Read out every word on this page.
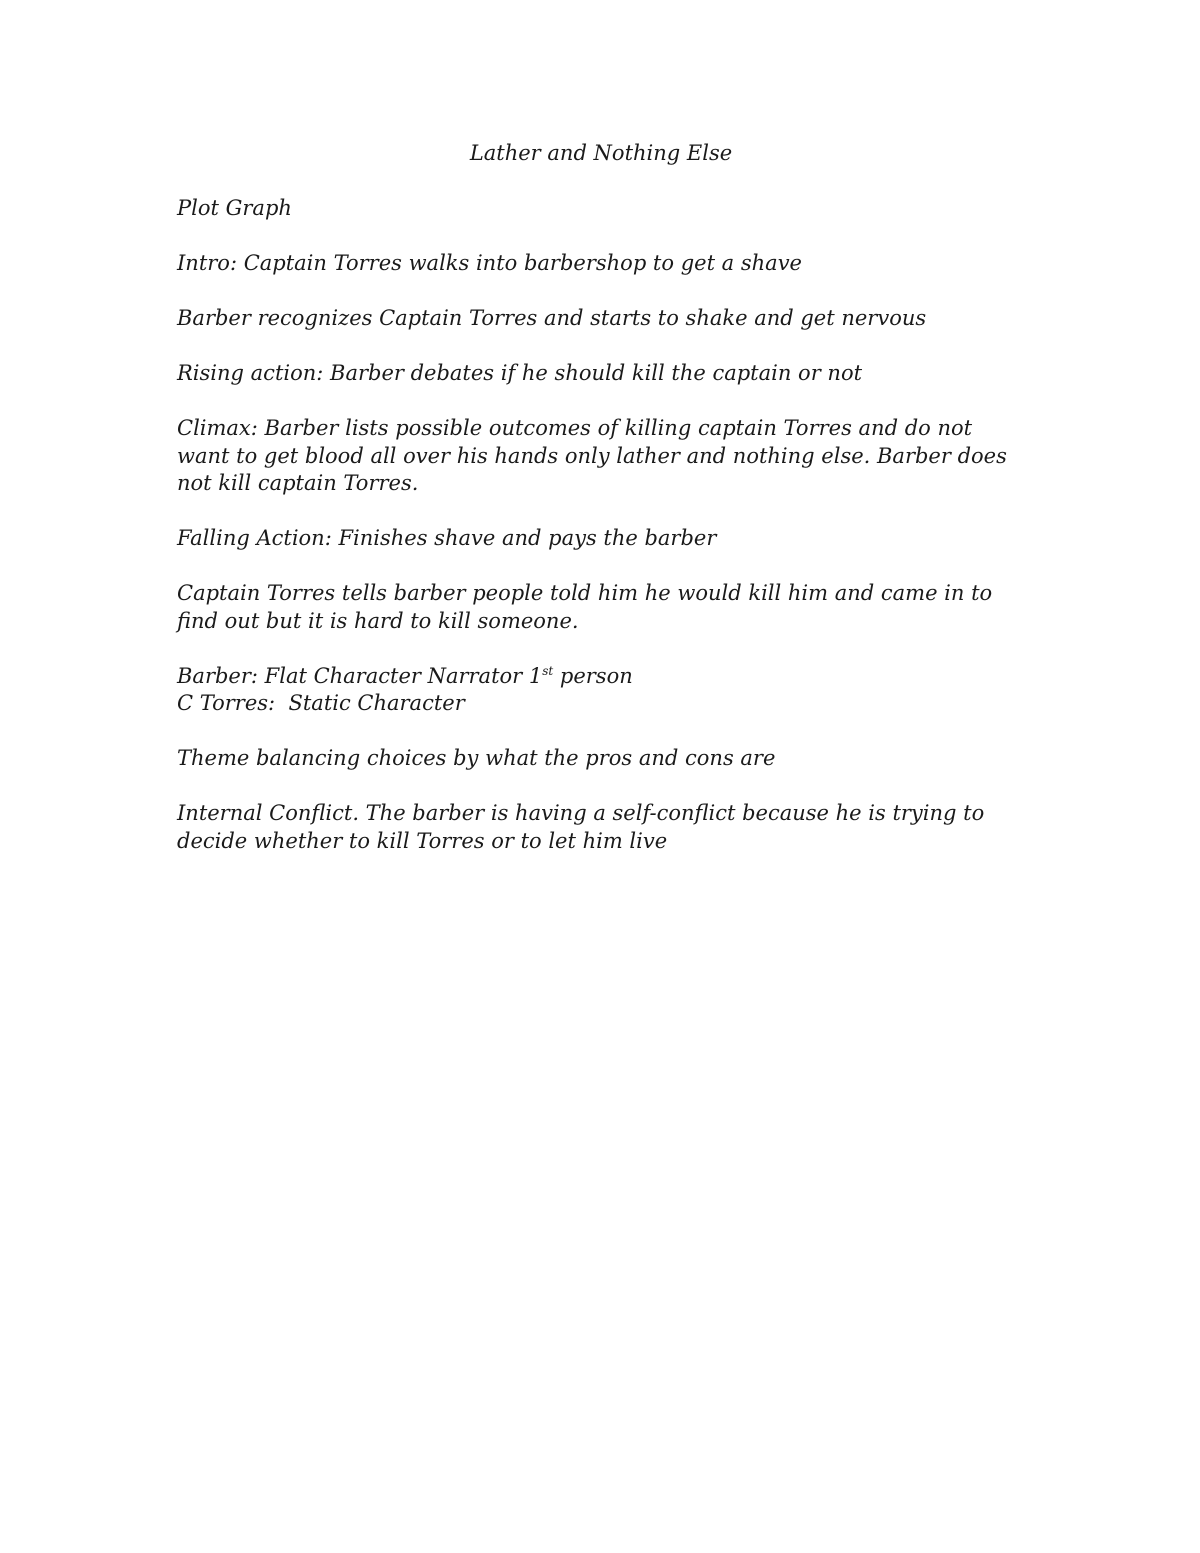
Lather and Nothing Else

Plot Graph

Intro: Captain Torres walks into barbershop to get a shave

Barber recognizes Captain Torres and starts to shake and get nervous

Rising action: Barber debates if he should kill the captain or not

Climax: Barber lists possible outcomes of killing captain Torres and do not want to get blood all over his hands only lather and nothing else. Barber does not kill captain Torres.

Falling Action: Finishes shave and pays the barber

Captain Torres tells barber people told him he would kill him and came in to find out but it is hard to kill someone.

Barber: Flat Character Narrator 1st person
C Torres:  Static Character

Theme balancing choices by what the pros and cons are

Internal Conflict. The barber is having a self-conflict because he is trying to decide whether to kill Torres or to let him live
